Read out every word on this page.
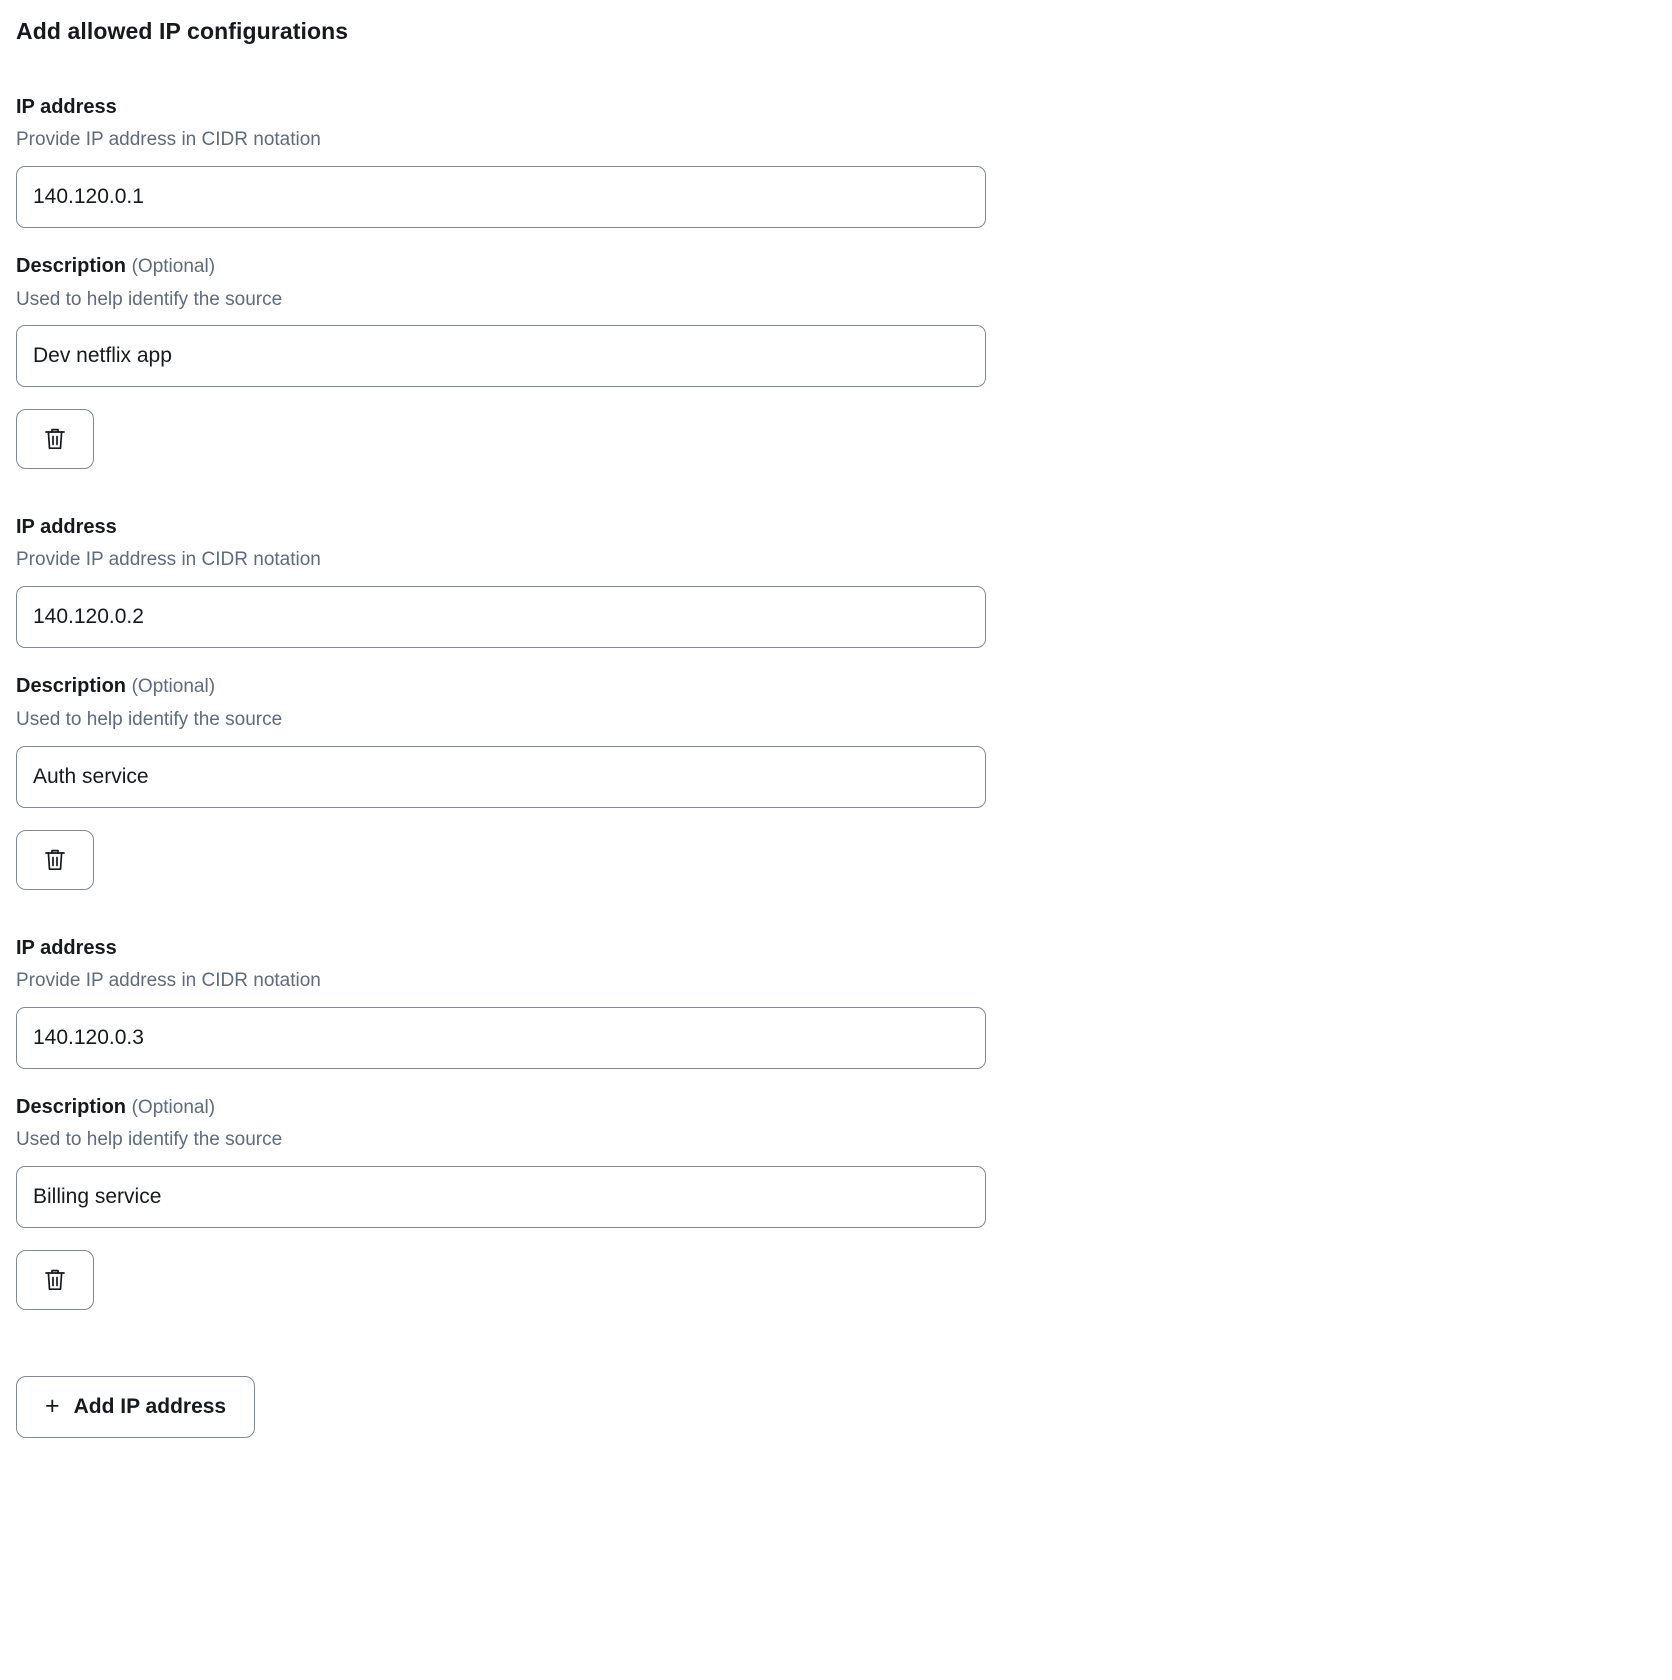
Add allowed IP configurations
IP address
Provide IP address in CIDR notation
140.120.0.1
Description (Optional)
Used to help identify the source
Dev netflix app
IP address
Provide IP address in CIDR notation
140.120.0.2
Description (Optional)
Used to help identify the source
Auth service
IP address
Provide IP address in CIDR notation
140.120.0.3
Description (Optional)
Used to help identify the source
Billing service
+ Add IP address
